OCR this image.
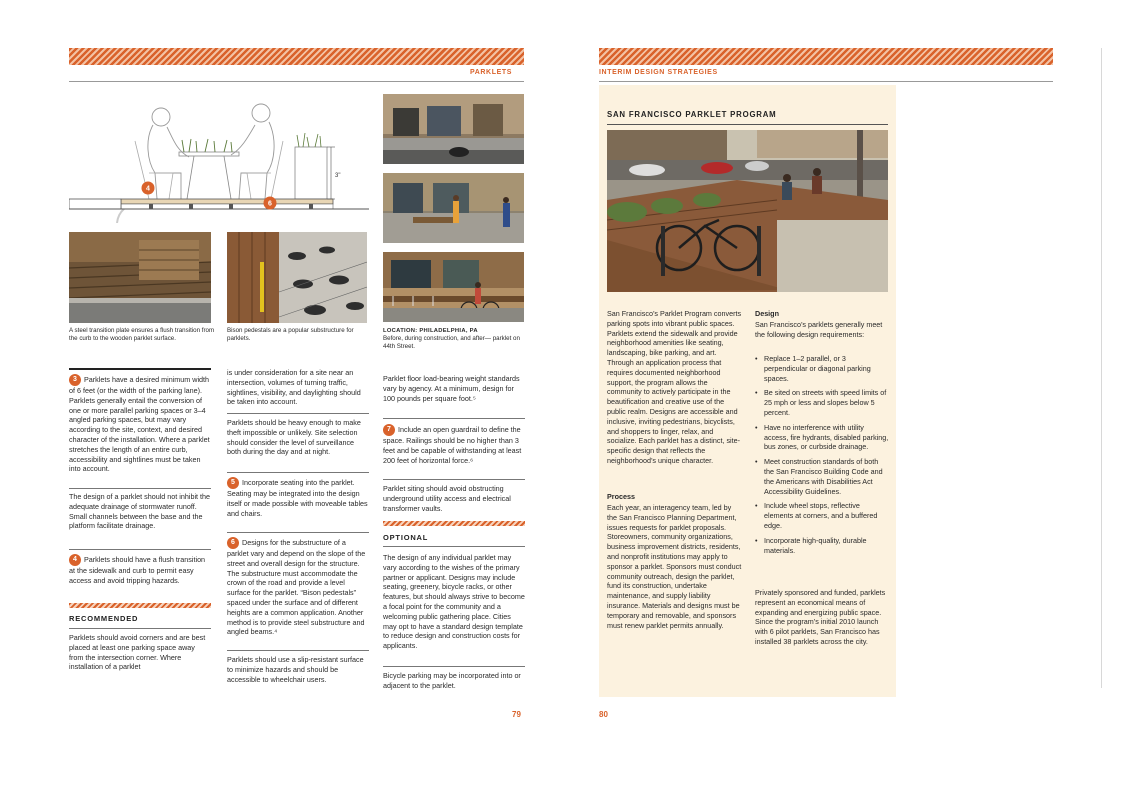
PARKLETS
3"
4
6

A steel transition plate ensures a flush transition from the curb to the wooden parklet surface.

Bison pedestals are a popular substructure for parklets.

LOCATION: PHILADELPHIA, PA

Before, during construction, and after— parklet on 44th Street.

3 Parklets have a desired minimum width of 6 feet (or the width of the parking lane). Parklets generally entail the conversion of one or more parallel parking spaces or 3–4 angled parking spaces, but may vary according to the site, context, and desired character of the installation. Where a parklet stretches the length of an entire curb, accessibility and sightlines must be taken into account.

The design of a parklet should not inhibit the adequate drainage of stormwater runoff. Small channels between the base and the platform facilitate drainage.

4 Parklets should have a flush transition at the sidewalk and curb to permit easy access and avoid tripping hazards.

RECOMMENDED

Parklets should avoid corners and are best placed at least one parking space away from the intersection corner. Where installation of a parklet

is under consideration for a site near an intersection, volumes of turning traffic, sightlines, visibility, and daylighting should be taken into account.

Parklets should be heavy enough to make theft impossible or unlikely. Site selection should consider the level of surveillance both during the day and at night.

5 Incorporate seating into the parklet. Seating may be integrated into the design itself or made possible with moveable tables and chairs.

6 Designs for the substructure of a parklet vary and depend on the slope of the street and overall design for the structure. The substructure must accommodate the crown of the road and provide a level surface for the parklet. “Bison pedestals” spaced under the surface and of different heights are a common application. Another method is to provide steel substructure and angled beams.⁴

Parklets should use a slip-resistant surface to minimize hazards and should be accessible to wheelchair users.

Parklet floor load-bearing weight standards vary by agency. At a minimum, design for 100 pounds per square foot.⁵

7 Include an open guardrail to define the space. Railings should be no higher than 3 feet and be capable of withstanding at least 200 feet of horizontal force.⁶

Parklet siting should avoid obstructing underground utility access and electrical transformer vaults.

OPTIONAL

The design of any individual parklet may vary according to the wishes of the primary partner or applicant. Designs may include seating, greenery, bicycle racks, or other features, but should always strive to become a focal point for the community and a welcoming public gathering place. Cities may opt to have a standard design template to reduce design and construction costs for applicants.

Bicycle parking may be incorporated into or adjacent to the parklet.

79
INTERIM DESIGN STRATEGIES
SAN FRANCISCO PARKLET PROGRAM

San Francisco’s Parklet Program converts parking spots into vibrant public spaces. Parklets extend the sidewalk and provide neighborhood amenities like seating, landscaping, bike parking, and art. Through an application process that requires documented neighborhood support, the program allows the community to actively participate in the beautification and creative use of the public realm. Designs are accessible and inclusive, inviting pedestrians, bicyclists, and shoppers to linger, relax, and socialize. Each parklet has a distinct, site-specific design that reflects the neighborhood’s unique character.

Process

Each year, an interagency team, led by the San Francisco Planning Department, issues requests for parklet proposals. Storeowners, community organizations, business improvement districts, residents, and nonprofit institutions may apply to sponsor a parklet. Sponsors must conduct community outreach, design the parklet, fund its construction, undertake maintenance, and supply liability insurance. Materials and designs must be temporary and removable, and sponsors must renew parklet permits annually.

Design

San Francisco’s parklets generally meet the following design requirements:

• Replace 1–2 parallel, or 3 perpendicular or diagonal parking spaces.
• Be sited on streets with speed limits of 25 mph or less and slopes below 5 percent.
• Have no interference with utility access, fire hydrants, disabled parking, bus zones, or curbside drainage.
• Meet construction standards of both the San Francisco Building Code and the Americans with Disabilities Act Accessibility Guidelines.
• Include wheel stops, reflective elements at corners, and a buffered edge.
• Incorporate high-quality, durable materials.

Privately sponsored and funded, parklets represent an economical means of expanding and energizing public space. Since the program’s initial 2010 launch with 6 pilot parklets, San Francisco has installed 38 parklets across the city.

80
